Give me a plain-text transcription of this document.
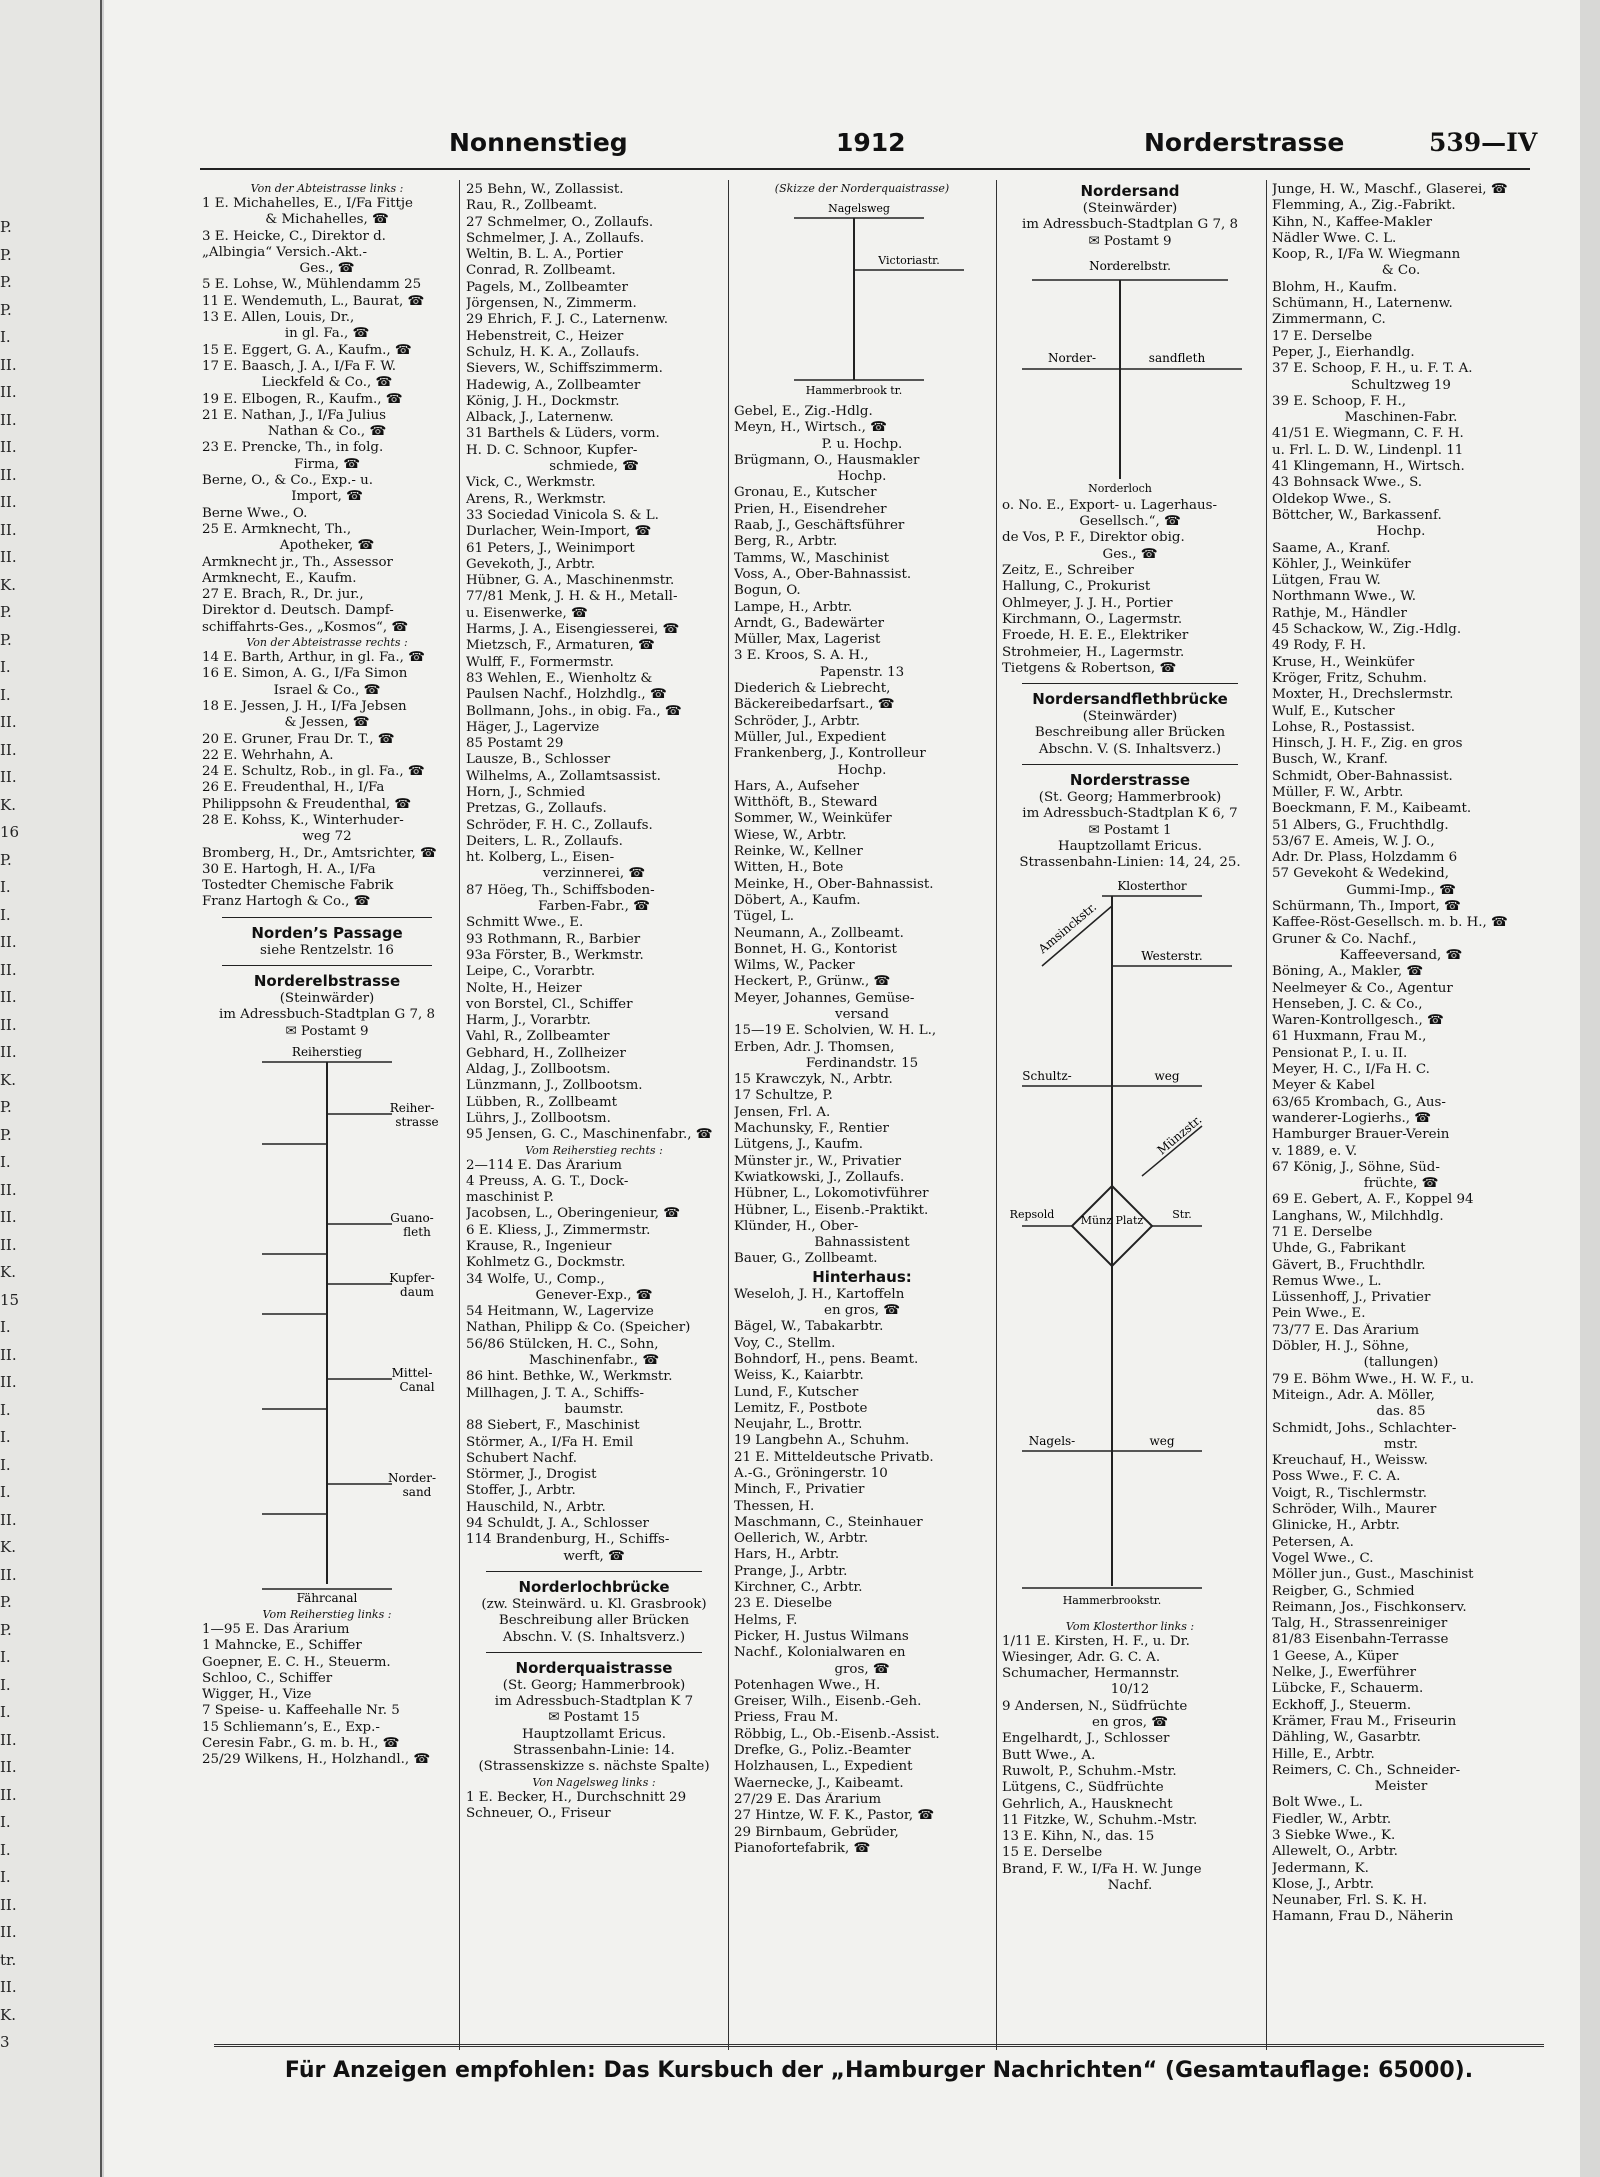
P.
P.
P.
P.
I.
II.
II.
II.
II.
II.
II.
II.
II.
K.
P.
P.
I.
I.
II.
II.
II.
K.
16
P.
I.
I.
II.
II.
II.
II.
II.
K.
P.
P.
I.
II.
II.
II.
K.
15
I.
II.
II.
I.
I.
I.
I.
II.
K.
II.
P.
P.
I.
I.
I.
II.
II.
II.
I.
I.
I.
II.
II.
tr.
II.
K.
3
Nonnenstieg	1912	Norderstrasse	539—IV
Von der Abteistrasse links :
1 E. Michahelles, E., I/Fa Fittje
& Michahelles, ☎
3 E. Heicke, C., Direktor d.
„Albingia“ Versich.-Akt.-
Ges., ☎
5 E. Lohse, W., Mühlendamm 25
11 E. Wendemuth, L., Baurat, ☎
13 E. Allen, Louis, Dr.,
in gl. Fa., ☎
15 E. Eggert, G. A., Kaufm., ☎
17 E. Baasch, J. A., I/Fa F. W.
Lieckfeld & Co., ☎
19 E. Elbogen, R., Kaufm., ☎
21 E. Nathan, J., I/Fa Julius
Nathan & Co., ☎
23 E. Prencke, Th., in folg.
Firma, ☎
Berne, O., & Co., Exp.- u.
Import, ☎
Berne Wwe., O.
25 E. Armknecht, Th.,
Apotheker, ☎
Armknecht jr., Th., Assessor
Armknecht, E., Kaufm.
27 E. Brach, R., Dr. jur.,
Direktor d. Deutsch. Dampf-
schiffahrts-Ges., „Kosmos“, ☎
Von der Abteistrasse rechts :
14 E. Barth, Arthur, in gl. Fa., ☎
16 E. Simon, A. G., I/Fa Simon
Israel & Co., ☎
18 E. Jessen, J. H., I/Fa Jebsen
& Jessen, ☎
20 E. Gruner, Frau Dr. T., ☎
22 E. Wehrhahn, A.
24 E. Schultz, Rob., in gl. Fa., ☎
26 E. Freudenthal, H., I/Fa
Philippsohn & Freudenthal, ☎
28 E. Kohss, K., Winterhuder-
weg 72
Bromberg, H., Dr., Amtsrichter, ☎
30 E. Hartogh, H. A., I/Fa
Tostedter Chemische Fabrik
Franz Hartogh & Co., ☎
Norden’s Passage
siehe Rentzelstr. 16
Norderelbstrasse
(Steinwärder)
im Adressbuch-Stadtplan G 7, 8
✉ Postamt 9
Reiherstieg
Reiher-
strasse
Guano-
fleth
Kupfer-
daum
Mittel-
Canal
Norder-
sand
Fährcanal
Vom Reiherstieg links :
1—95 E. Das Ärarium
1 Mahncke, E., Schiffer
Goepner, E. C. H., Steuerm.
Schloo, C., Schiffer
Wigger, H., Vize
7 Speise- u. Kaffeehalle Nr. 5
15 Schliemann’s, E., Exp.-
Ceresin Fabr., G. m. b. H., ☎
25/29 Wilkens, H., Holzhandl., ☎
25 Behn, W., Zollassist.
Rau, R., Zollbeamt.
27 Schmelmer, O., Zollaufs.
Schmelmer, J. A., Zollaufs.
Weltin, B. L. A., Portier
Conrad, R. Zollbeamt.
Pagels, M., Zollbeamter
Jörgensen, N., Zimmerm.
29 Ehrich, F. J. C., Laternenw.
Hebenstreit, C., Heizer
Schulz, H. K. A., Zollaufs.
Sievers, W., Schiffszimmerm.
Hadewig, A., Zollbeamter
König, J. H., Dockmstr.
Alback, J., Laternenw.
31 Barthels & Lüders, vorm.
H. D. C. Schnoor, Kupfer-
schmiede, ☎
Vick, C., Werkmstr.
Arens, R., Werkmstr.
33 Sociedad Vinicola S. & L.
Durlacher, Wein-Import, ☎
61 Peters, J., Weinimport
Gevekoth, J., Arbtr.
Hübner, G. A., Maschinenmstr.
77/81 Menk, J. H. & H., Metall-
u. Eisenwerke, ☎
Harms, J. A., Eisengiesserei, ☎
Mietzsch, F., Armaturen, ☎
Wulff, F., Formermstr.
83 Wehlen, E., Wienholtz &
Paulsen Nachf., Holzhdlg., ☎
Bollmann, Johs., in obig. Fa., ☎
Häger, J., Lagervize
85 Postamt 29
Lausze, B., Schlosser
Wilhelms, A., Zollamtsassist.
Horn, J., Schmied
Pretzas, G., Zollaufs.
Schröder, F. H. C., Zollaufs.
Deiters, L. R., Zollaufs.
ht. Kolberg, L., Eisen-
verzinnerei, ☎
87 Höeg, Th., Schiffsboden-
Farben-Fabr., ☎
Schmitt Wwe., E.
93 Rothmann, R., Barbier
93a Förster, B., Werkmstr.
Leipe, C., Vorarbtr.
Nolte, H., Heizer
von Borstel, Cl., Schiffer
Harm, J., Vorarbtr.
Vahl, R., Zollbeamter
Gebhard, H., Zollheizer
Aldag, J., Zollbootsm.
Lünzmann, J., Zollbootsm.
Lübben, R., Zollbeamt
Lührs, J., Zollbootsm.
95 Jensen, G. C., Maschinenfabr., ☎
Vom Reiherstieg rechts :
2—114 E. Das Ärarium
4 Preuss, A. G. T., Dock-
maschinist P.
Jacobsen, L., Oberingenieur, ☎
6 E. Kliess, J., Zimmermstr.
Krause, R., Ingenieur
Kohlmetz G., Dockmstr.
34 Wolfe, U., Comp.,
Genever-Exp., ☎
54 Heitmann, W., Lagervize
Nathan, Philipp & Co. (Speicher)
56/86 Stülcken, H. C., Sohn,
Maschinenfabr., ☎
86 hint. Bethke, W., Werkmstr.
Millhagen, J. T. A., Schiffs-
baumstr.
88 Siebert, F., Maschinist
Störmer, A., I/Fa H. Emil
Schubert Nachf.
Störmer, J., Drogist
Stoffer, J., Arbtr.
Hauschild, N., Arbtr.
94 Schuldt, J. A., Schlosser
114 Brandenburg, H., Schiffs-
werft, ☎
Norderlochbrücke
(zw. Steinwärd. u. Kl. Grasbrook)
Beschreibung aller Brücken
Abschn. V. (S. Inhaltsverz.)
Norderquaistrasse
(St. Georg; Hammerbrook)
im Adressbuch-Stadtplan K 7
✉ Postamt 15
Hauptzollamt Ericus.
Strassenbahn-Linie: 14.
(Strassenskizze s. nächste Spalte)
Von Nagelsweg links :
1 E. Becker, H., Durchschnitt 29
Schneuer, O., Friseur
(Skizze der Norderquaistrasse)
Nagelsweg
Victoriastr.
Hammerbrook tr.
Gebel, E., Zig.-Hdlg.
Meyn, H., Wirtsch., ☎
P. u. Hochp.
Brügmann, O., Hausmakler
Hochp.
Gronau, E., Kutscher
Prien, H., Eisendreher
Raab, J., Geschäftsführer
Berg, R., Arbtr.
Tamms, W., Maschinist
Voss, A., Ober-Bahnassist.
Bogun, O.
Lampe, H., Arbtr.
Arndt, G., Badewärter
Müller, Max, Lagerist
3 E. Kroos, S. A. H.,
Papenstr. 13
Diederich & Liebrecht,
Bäckereibedarfsart., ☎
Schröder, J., Arbtr.
Müller, Jul., Expedient
Frankenberg, J., Kontrolleur
Hochp.
Hars, A., Aufseher
Witthöft, B., Steward
Sommer, W., Weinküfer
Wiese, W., Arbtr.
Reinke, W., Kellner
Witten, H., Bote
Meinke, H., Ober-Bahnassist.
Döbert, A., Kaufm.
Tügel, L.
Neumann, A., Zollbeamt.
Bonnet, H. G., Kontorist
Wilms, W., Packer
Heckert, P., Grünw., ☎
Meyer, Johannes, Gemüse-
versand
15—19 E. Scholvien, W. H. L.,
Erben, Adr. J. Thomsen,
Ferdinandstr. 15
15 Krawczyk, N., Arbtr.
17 Schultze, P.
Jensen, Frl. A.
Machunsky, F., Rentier
Lütgens, J., Kaufm.
Münster jr., W., Privatier
Kwiatkowski, J., Zollaufs.
Hübner, L., Lokomotivführer
Hübner, L., Eisenb.-Praktikt.
Klünder, H., Ober-
Bahnassistent
Bauer, G., Zollbeamt.
Hinterhaus:
Weseloh, J. H., Kartoffeln
en gros, ☎
Bägel, W., Tabakarbtr.
Voy, C., Stellm.
Bohndorf, H., pens. Beamt.
Weiss, K., Kaiarbtr.
Lund, F., Kutscher
Lemitz, F., Postbote
Neujahr, L., Brottr.
19 Langbehn A., Schuhm.
21 E. Mitteldeutsche Privatb.
A.-G., Gröningerstr. 10
Minch, F., Privatier
Thessen, H.
Maschmann, C., Steinhauer
Oellerich, W., Arbtr.
Hars, H., Arbtr.
Prange, J., Arbtr.
Kirchner, C., Arbtr.
23 E. Dieselbe
Helms, F.
Picker, H. Justus Wilmans
Nachf., Kolonialwaren en
gros, ☎
Potenhagen Wwe., H.
Greiser, Wilh., Eisenb.-Geh.
Priess, Frau M.
Röbbig, L., Ob.-Eisenb.-Assist.
Drefke, G., Poliz.-Beamter
Holzhausen, L., Expedient
Waernecke, J., Kaibeamt.
27/29 E. Das Ärarium
27 Hintze, W. F. K., Pastor, ☎
29 Birnbaum, Gebrüder,
Pianofortefabrik, ☎
Nordersand
(Steinwärder)
im Adressbuch-Stadtplan G 7, 8
✉ Postamt 9
Norderelbstr.
Norder-	sandfleth
Norderloch
o. No. E., Export- u. Lagerhaus-
Gesellsch.“, ☎
de Vos, P. F., Direktor obig.
Ges., ☎
Zeitz, E., Schreiber
Hallung, C., Prokurist
Ohlmeyer, J. J. H., Portier
Kirchmann, O., Lagermstr.
Froede, H. E. E., Elektriker
Strohmeier, H., Lagermstr.
Tietgens & Robertson, ☎
Nordersandflethbrücke
(Steinwärder)
Beschreibung aller Brücken
Abschn. V. (S. Inhaltsverz.)
Norderstrasse
(St. Georg; Hammerbrook)
im Adressbuch-Stadtplan K 6, 7
✉ Postamt 1
Hauptzollamt Ericus.
Strassenbahn-Linien: 14, 24, 25.
Klosterthor
Amsinckstr.	Westerstr.
Schultz-	weg
Münzstr.
Münz Platz
Repsold	Str.
Nagels-	weg
Hammerbrookstr.
Vom Klosterthor links :
1/11 E. Kirsten, H. F., u. Dr.
Wiesinger, Adr. G. C. A.
Schumacher, Hermannstr.
10/12
9 Andersen, N., Südfrüchte
en gros, ☎
Engelhardt, J., Schlosser
Butt Wwe., A.
Ruwolt, P., Schuhm.-Mstr.
Lütgens, C., Südfrüchte
Gehrlich, A., Hausknecht
11 Fitzke, W., Schuhm.-Mstr.
13 E. Kihn, N., das. 15
15 E. Derselbe
Brand, F. W., I/Fa H. W. Junge
Nachf.
Junge, H. W., Maschf., Glaserei, ☎
Flemming, A., Zig.-Fabrikt.
Kihn, N., Kaffee-Makler
Nädler Wwe. C. L.
Koop, R., I/Fa W. Wiegmann
& Co.
Blohm, H., Kaufm.
Schümann, H., Laternenw.
Zimmermann, C.
17 E. Derselbe
Peper, J., Eierhandlg.
37 E. Schoop, F. H., u. F. T. A.
Schultzweg 19
39 E. Schoop, F. H.,
Maschinen-Fabr.
41/51 E. Wiegmann, C. F. H.
u. Frl. L. D. W., Lindenpl. 11
41 Klingemann, H., Wirtsch.
43 Bohnsack Wwe., S.
Oldekop Wwe., S.
Böttcher, W., Barkassenf.
Hochp.
Saame, A., Kranf.
Köhler, J., Weinküfer
Lütgen, Frau W.
Northmann Wwe., W.
Rathje, M., Händler
45 Schackow, W., Zig.-Hdlg.
49 Rody, F. H.
Kruse, H., Weinküfer
Kröger, Fritz, Schuhm.
Moxter, H., Drechslermstr.
Wulf, E., Kutscher
Lohse, R., Postassist.
Hinsch, J. H. F., Zig. en gros
Busch, W., Kranf.
Schmidt, Ober-Bahnassist.
Müller, F. W., Arbtr.
Boeckmann, F. M., Kaibeamt.
51 Albers, G., Fruchthdlg.
53/67 E. Ameis, W. J. O.,
Adr. Dr. Plass, Holzdamm 6
57 Gevekoht & Wedekind,
Gummi-Imp., ☎
Schürmann, Th., Import, ☎
Kaffee-Röst-Gesellsch. m. b. H., ☎
Gruner & Co. Nachf.,
Kaffeeversand, ☎
Böning, A., Makler, ☎
Neelmeyer & Co., Agentur
Henseben, J. C. & Co.,
Waren-Kontrollgesch., ☎
61 Huxmann, Frau M.,
Pensionat P., I. u. II.
Meyer, H. C., I/Fa H. C.
Meyer & Kabel
63/65 Krombach, G., Aus-
wanderer-Logierhs., ☎
Hamburger Brauer-Verein
v. 1889, e. V.
67 König, J., Söhne, Süd-
früchte, ☎
69 E. Gebert, A. F., Koppel 94
Langhans, W., Milchhdlg.
71 E. Derselbe
Uhde, G., Fabrikant
Gävert, B., Fruchthdlr.
Remus Wwe., L.
Lüssenhoff, J., Privatier
Pein Wwe., E.
73/77 E. Das Ärarium
Döbler, H. J., Söhne,
(tallungen)
79 E. Böhm Wwe., H. W. F., u.
Miteign., Adr. A. Möller,
das. 85
Schmidt, Johs., Schlachter-
mstr.
Kreuchauf, H., Weissw.
Poss Wwe., F. C. A.
Voigt, R., Tischlermstr.
Schröder, Wilh., Maurer
Glinicke, H., Arbtr.
Petersen, A.
Vogel Wwe., C.
Möller jun., Gust., Maschinist
Reigber, G., Schmied
Reimann, Jos., Fischkonserv.
Talg, H., Strassenreiniger
81/83 Eisenbahn-Terrasse
1 Geese, A., Küper
Nelke, J., Ewerführer
Lübcke, F., Schauerm.
Eckhoff, J., Steuerm.
Krämer, Frau M., Friseurin
Dähling, W., Gasarbtr.
Hille, E., Arbtr.
Reimers, C. Ch., Schneider-
Meister
Bolt Wwe., L.
Fiedler, W., Arbtr.
3 Siebke Wwe., K.
Allewelt, O., Arbtr.
Jedermann, K.
Klose, J., Arbtr.
Neunaber, Frl. S. K. H.
Hamann, Frau D., Näherin
Für Anzeigen empfohlen: Das Kursbuch der „Hamburger Nachrichten“ (Gesamtauflage: 65000).
